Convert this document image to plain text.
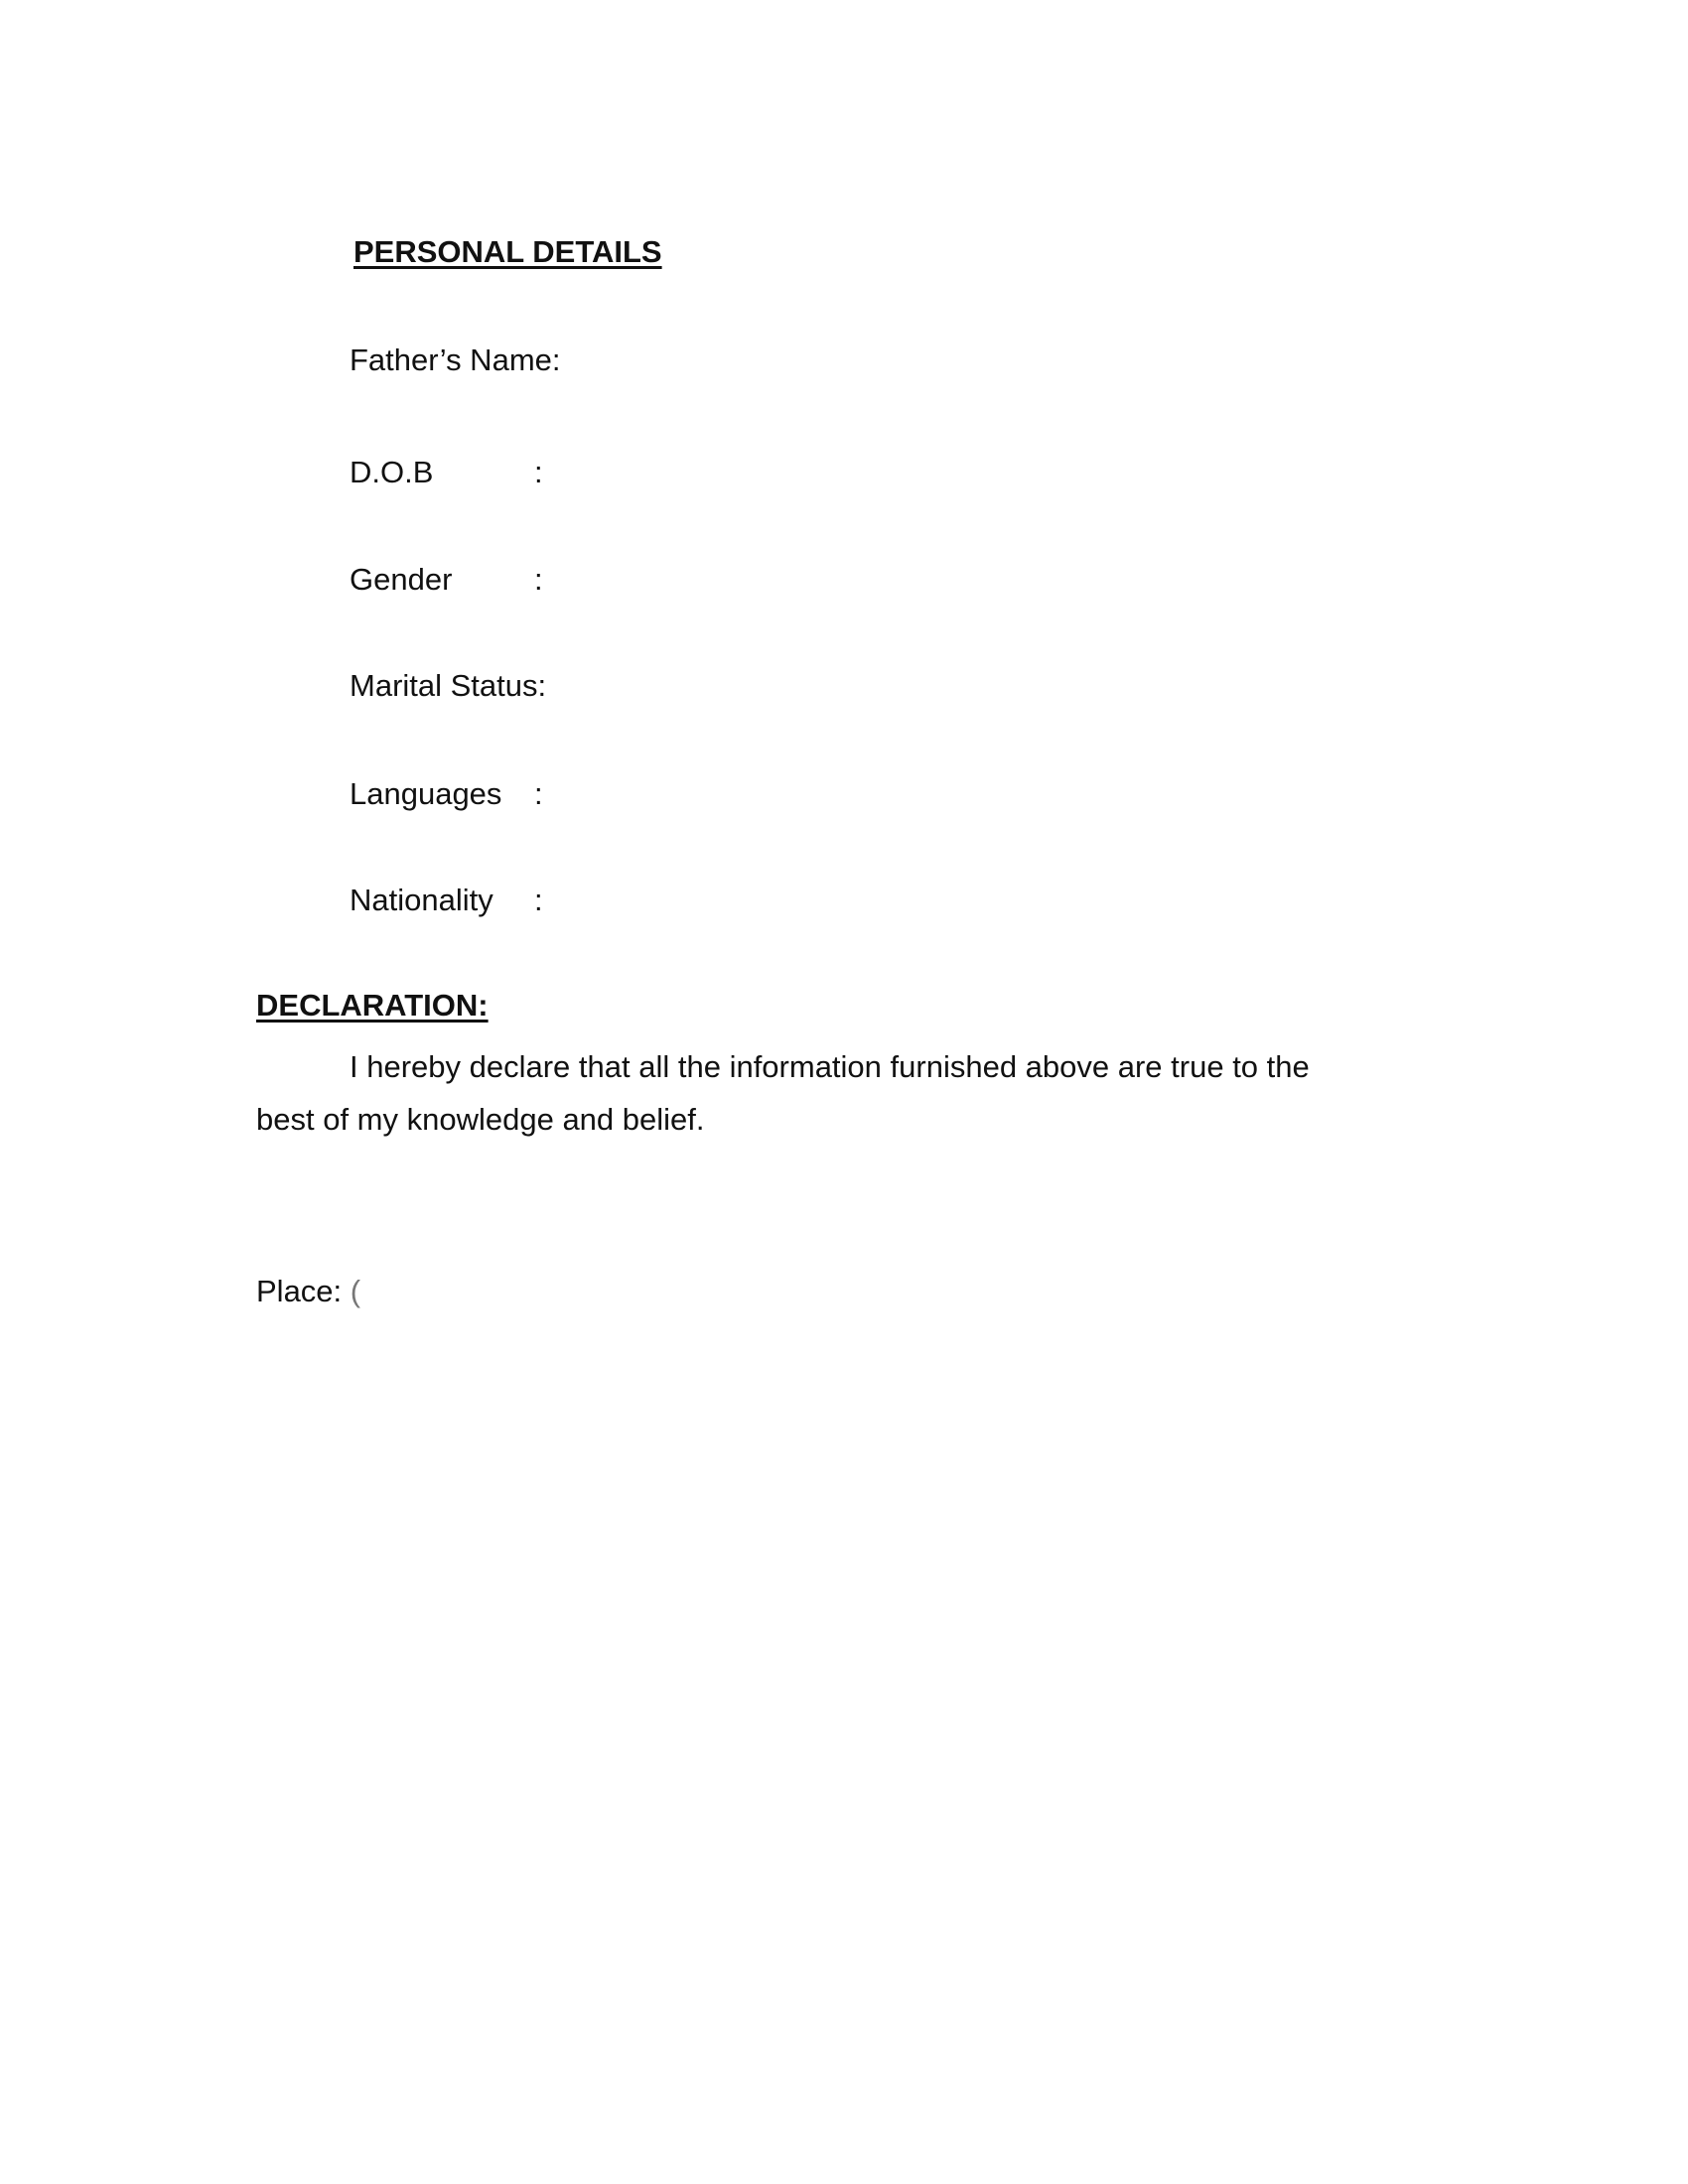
PERSONAL DETAILS
Father’s Name:
D.O.B	:
Gender	:
Marital Status:
Languages :
Nationality :
DECLARATION:
I hereby declare that all the information furnished above are true to the
best of my knowledge and belief.
Place: (
